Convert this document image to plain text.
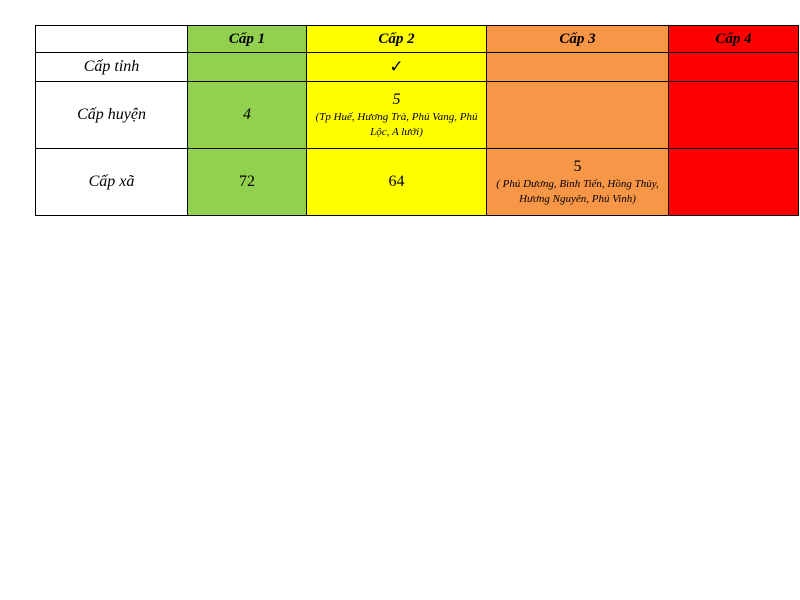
	Cấp 1	Cấp 2	Cấp 3	Cấp 4
Cấp tỉnh		✓		
Cấp huyện	4	5
(Tp Huế, Hương Trà, Phú Vang, Phú Lộc, A lưới)		

Cấp xã	72	64	5
( Phú Dương, Bình Tiến, Hồng Thủy, Hương Nguyên, Phú Vinh)	
